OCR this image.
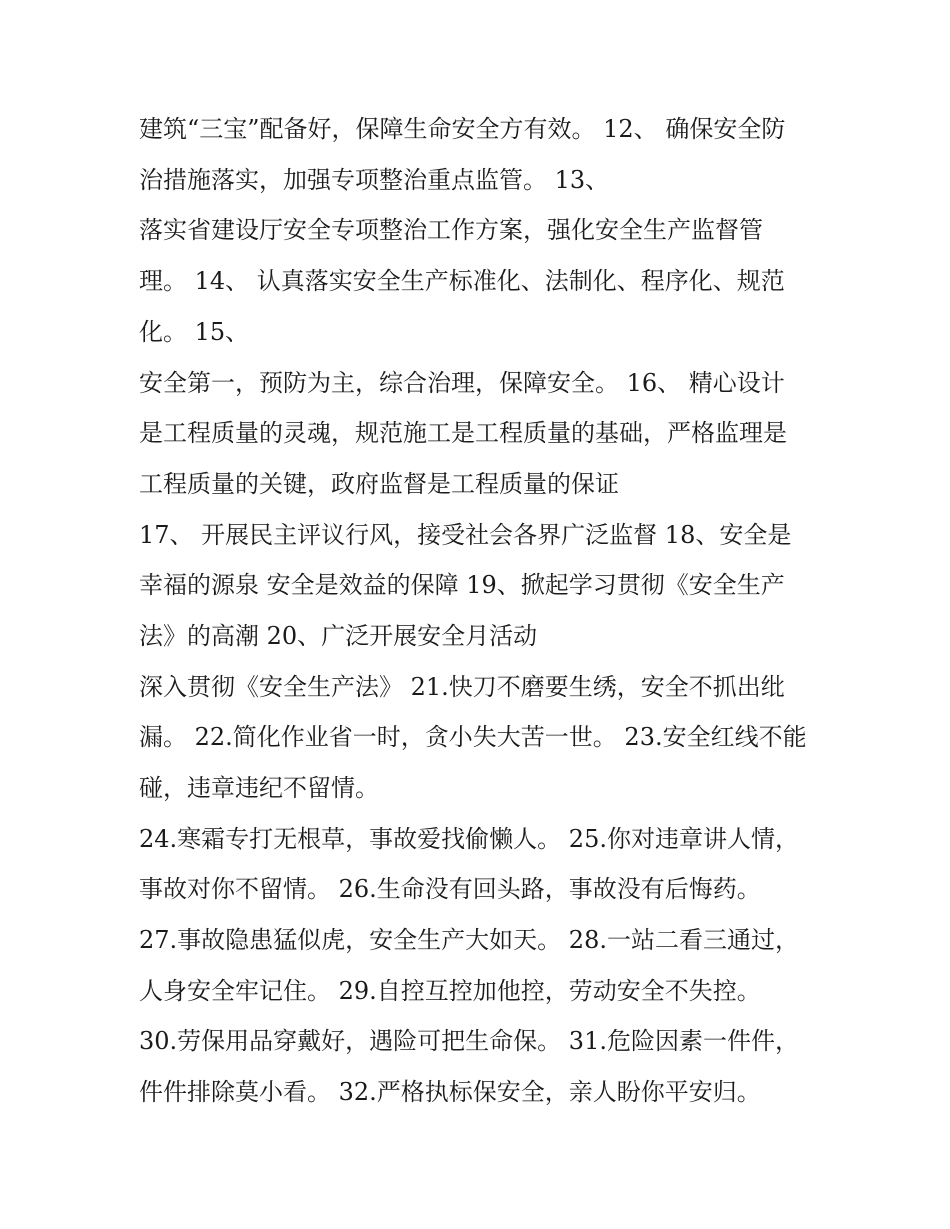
建筑“三宝”配备好，保障生命安全方有效。 12、 确保安全防
治措施落实，加强专项整治重点监管。 13、
落实省建设厅安全专项整治工作方案，强化安全生产监督管
理。 14、 认真落实安全生产标准化、法制化、程序化、规范
化。 15、
安全第一，预防为主，综合治理，保障安全。 16、 精心设计
是工程质量的灵魂，规范施工是工程质量的基础，严格监理是
工程质量的关键，政府监督是工程质量的保证
17、 开展民主评议行风，接受社会各界广泛监督 18、安全是
幸福的源泉 安全是效益的保障 19、掀起学习贯彻《安全生产
法》的高潮 20、广泛开展安全月活动
深入贯彻《安全生产法》 21.快刀不磨要生绣，安全不抓出纰
漏。 22.简化作业省一时，贪小失大苦一世。 23.安全红线不能
碰，违章违纪不留情。
24.寒霜专打无根草，事故爱找偷懒人。 25.你对违章讲人情，
事故对你不留情。 26.生命没有回头路，事故没有后悔药。
27.事故隐患猛似虎，安全生产大如天。 28.一站二看三通过，
人身安全牢记住。 29.自控互控加他控，劳动安全不失控。
30.劳保用品穿戴好，遇险可把生命保。 31.危险因素一件件，
件件排除莫小看。 32.严格执标保安全，亲人盼你平安归。
